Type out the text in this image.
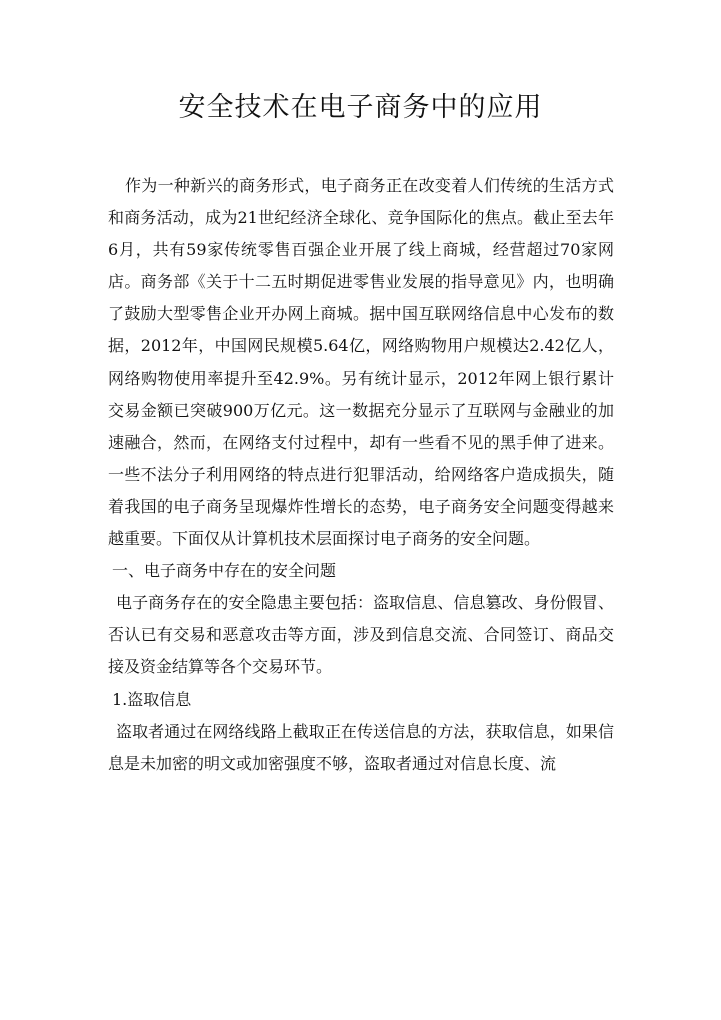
安全技术在电子商务中的应用

作为一种新兴的商务形式，电子商务正在改变着人们传统的生活方式和商务活动，成为21世纪经济全球化、竞争国际化的焦点。截止至去年6月，共有59家传统零售百强企业开展了线上商城，经营超过70家网店。商务部《关于十二五时期促进零售业发展的指导意见》内，也明确了鼓励大型零售企业开办网上商城。据中国互联网络信息中心发布的数据，2012年，中国网民规模5.64亿，网络购物用户规模达2.42亿人，网络购物使用率提升至42.9%。另有统计显示，2012年网上银行累计交易金额已突破900万亿元。这一数据充分显示了互联网与金融业的加速融合，然而，在网络支付过程中，却有一些看不见的黑手伸了进来。一些不法分子利用网络的特点进行犯罪活动，给网络客户造成损失，随着我国的电子商务呈现爆炸性增长的态势，电子商务安全问题变得越来越重要。下面仅从计算机技术层面探讨电子商务的安全问题。

一、电子商务中存在的安全问题

电子商务存在的安全隐患主要包括：盗取信息、信息篡改、身份假冒、否认已有交易和恶意攻击等方面，涉及到信息交流、合同签订、商品交接及资金结算等各个交易环节。

1.盗取信息

盗取者通过在网络线路上截取正在传送信息的方法，获取信息，如果信息是未加密的明文或加密强度不够，盗取者通过对信息长度、流
